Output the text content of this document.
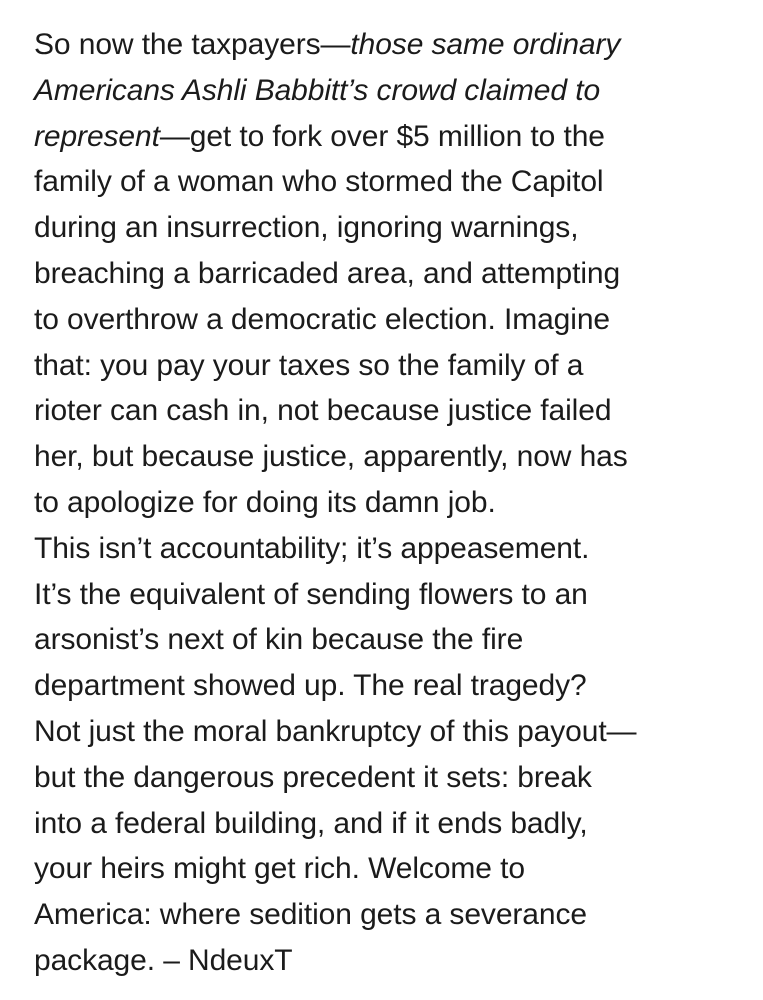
So now the taxpayers—those same ordinary
Americans Ashli Babbitt’s crowd claimed to
represent—get to fork over $5 million to the
family of a woman who stormed the Capitol
during an insurrection, ignoring warnings,
breaching a barricaded area, and attempting
to overthrow a democratic election. Imagine
that: you pay your taxes so the family of a
rioter can cash in, not because justice failed
her, but because justice, apparently, now has
to apologize for doing its damn job.
This isn’t accountability; it’s appeasement.
It’s the equivalent of sending flowers to an
arsonist’s next of kin because the fire
department showed up. The real tragedy?
Not just the moral bankruptcy of this payout—
but the dangerous precedent it sets: break
into a federal building, and if it ends badly,
your heirs might get rich. Welcome to
America: where sedition gets a severance
package. – NdeuxT
